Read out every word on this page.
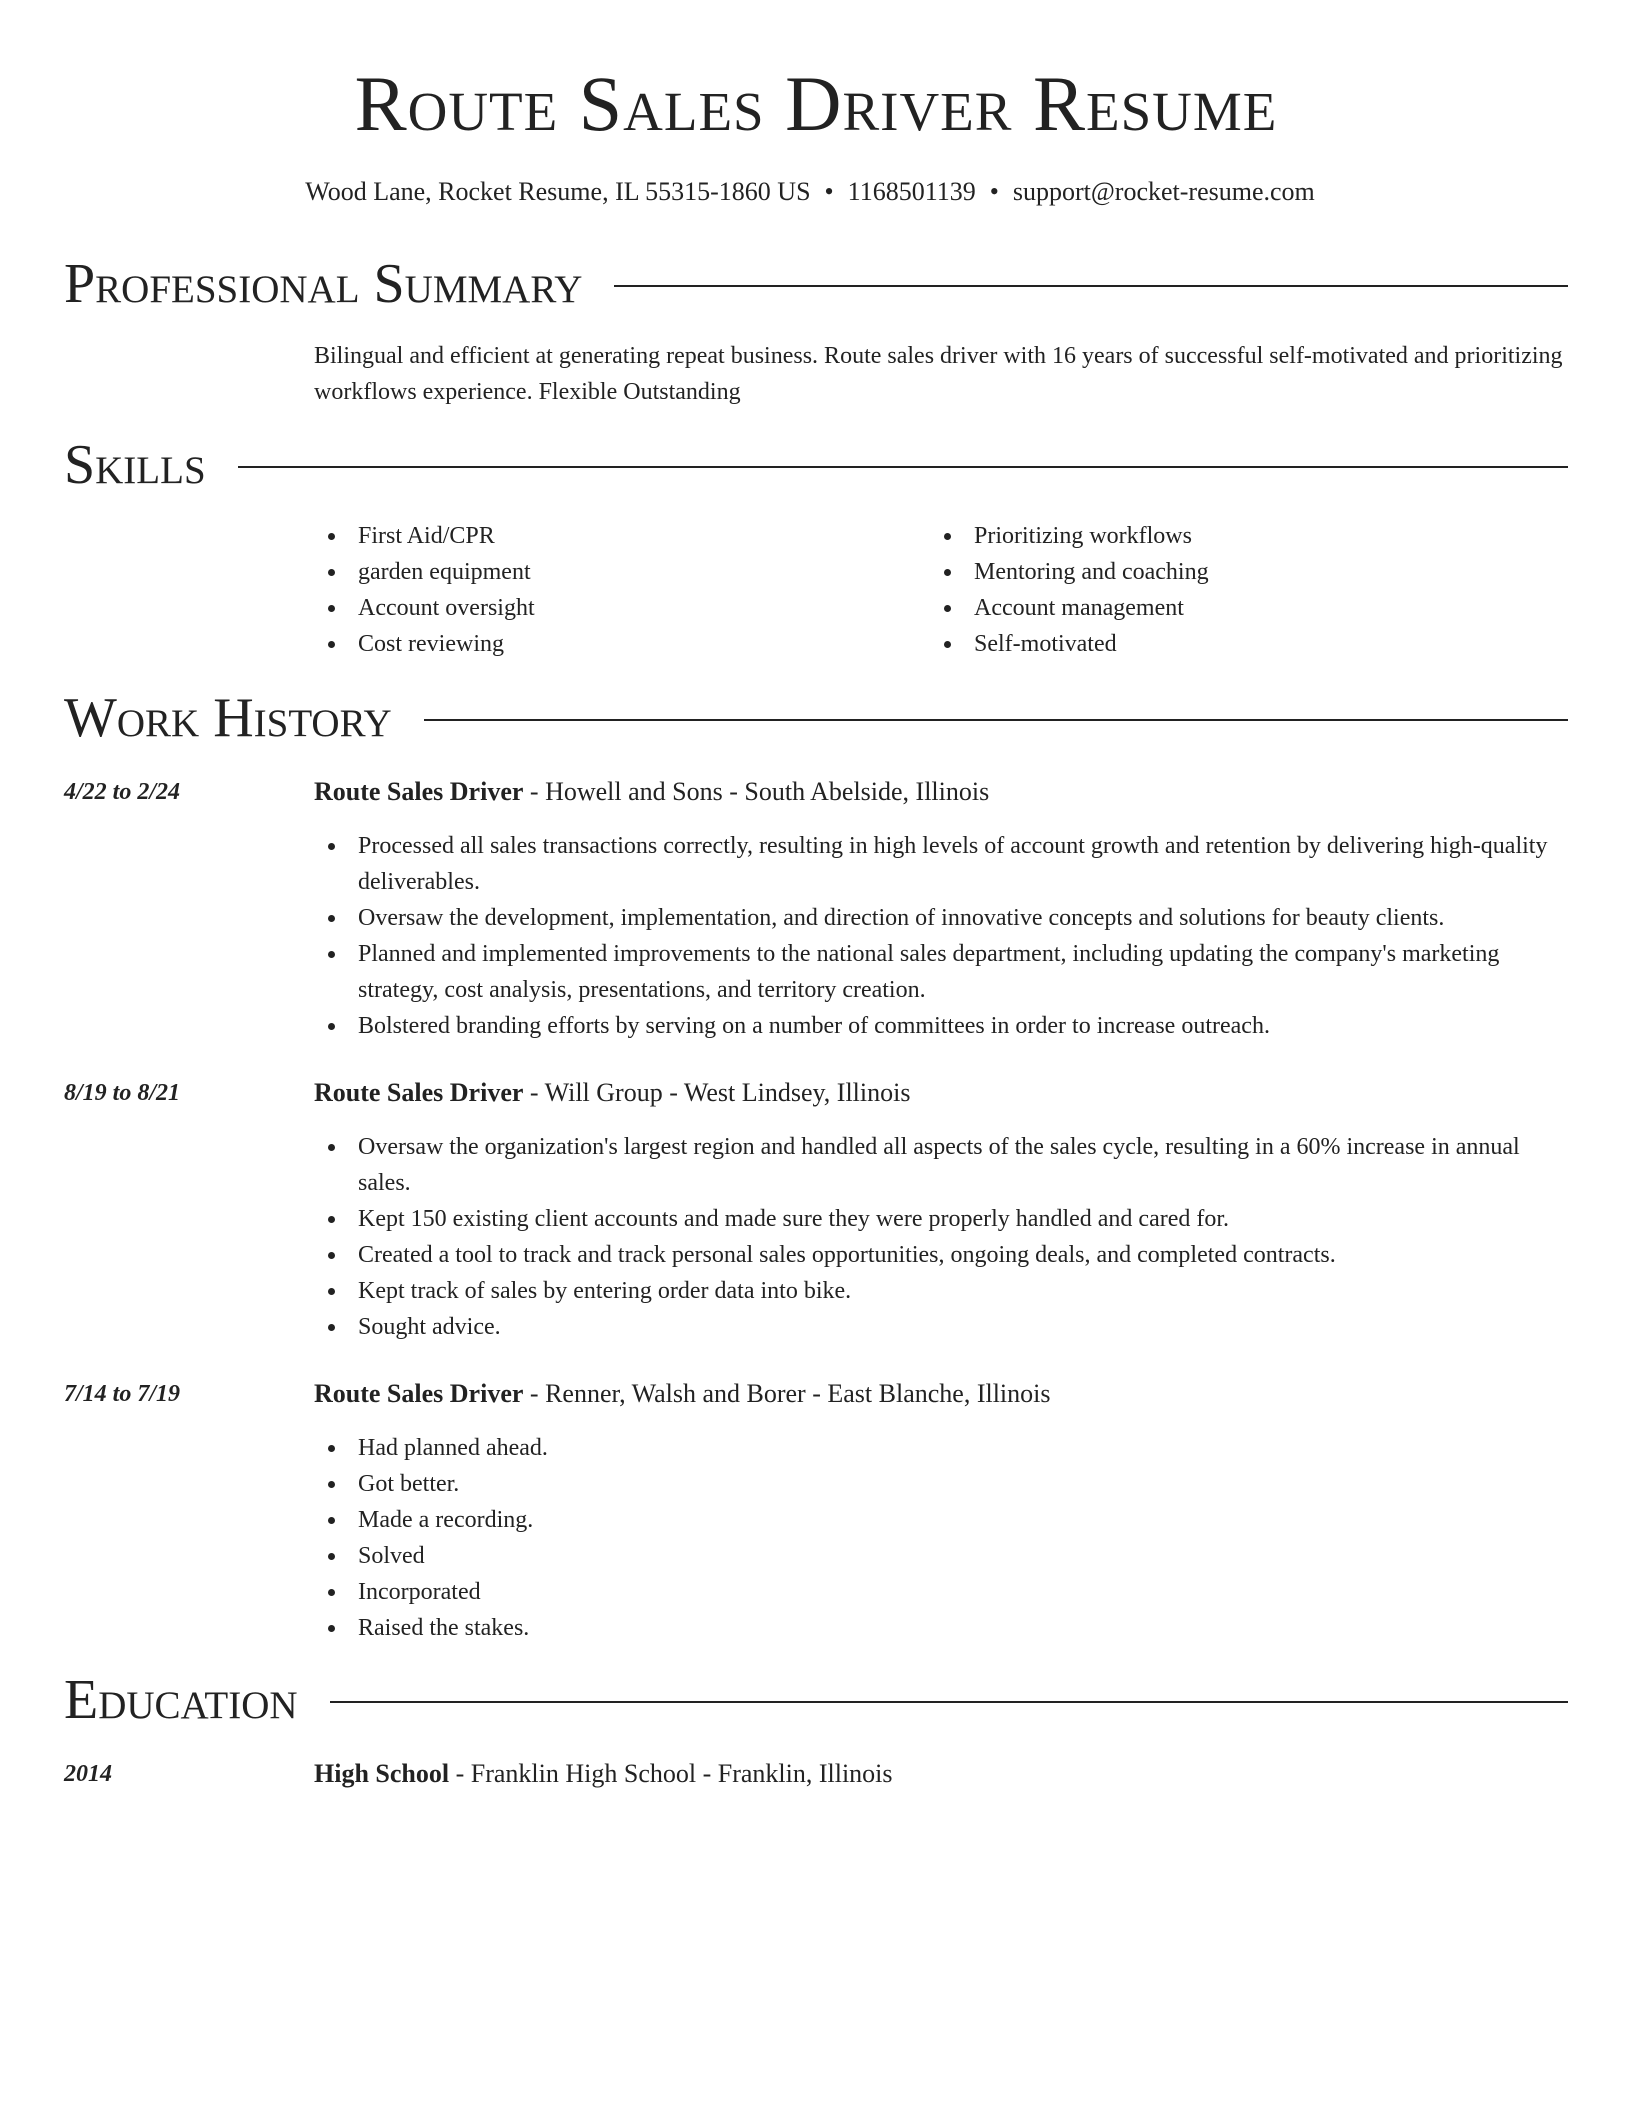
Route Sales Driver Resume
Wood Lane, Rocket Resume, IL 55315-1860 US • 1168501139 • support@rocket-resume.com
Professional Summary
Bilingual and efficient at generating repeat business. Route sales driver with 16 years of successful self-motivated and prioritizing workflows experience. Flexible Outstanding
Skills
First Aid/CPR
garden equipment
Account oversight
Cost reviewing
Prioritizing workflows
Mentoring and coaching
Account management
Self-motivated
Work History
4/22 to 2/24	Route Sales Driver - Howell and Sons - South Abelside, Illinois
Processed all sales transactions correctly, resulting in high levels of account growth and retention by delivering high-quality deliverables.
Oversaw the development, implementation, and direction of innovative concepts and solutions for beauty clients.
Planned and implemented improvements to the national sales department, including updating the company's marketing strategy, cost analysis, presentations, and territory creation.
Bolstered branding efforts by serving on a number of committees in order to increase outreach.
8/19 to 8/21	Route Sales Driver - Will Group - West Lindsey, Illinois
Oversaw the organization's largest region and handled all aspects of the sales cycle, resulting in a 60% increase in annual sales.
Kept 150 existing client accounts and made sure they were properly handled and cared for.
Created a tool to track and track personal sales opportunities, ongoing deals, and completed contracts.
Kept track of sales by entering order data into bike.
Sought advice.
7/14 to 7/19	Route Sales Driver - Renner, Walsh and Borer - East Blanche, Illinois
Had planned ahead.
Got better.
Made a recording.
Solved
Incorporated
Raised the stakes.
Education
2014	High School - Franklin High School - Franklin, Illinois
